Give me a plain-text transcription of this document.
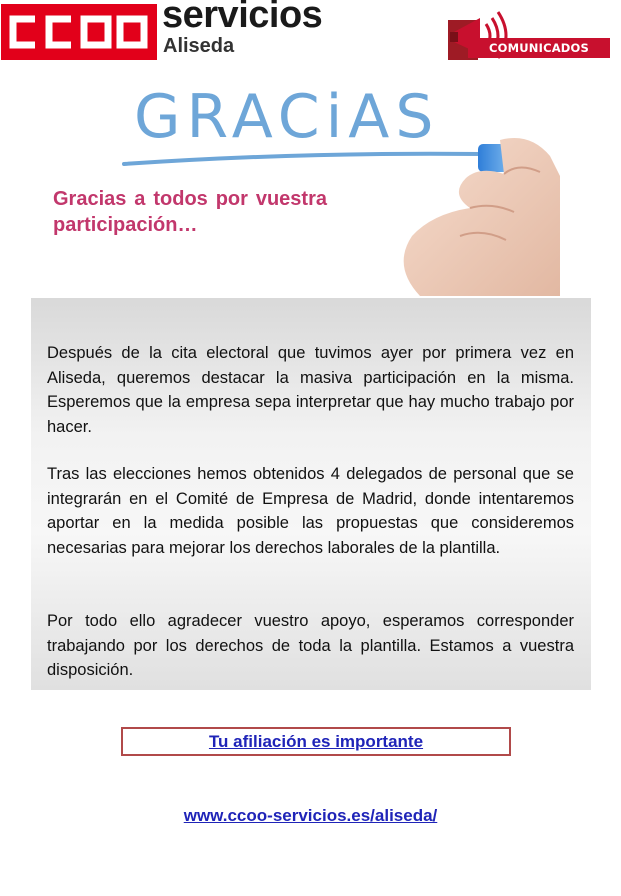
servicios
Aliseda	COMUNICADOS
GRACiAS
Gracias a todos por vuestra participación…

Después de la cita electoral que tuvimos ayer por primera vez en Aliseda, queremos destacar la masiva participación en la misma. Esperemos que la empresa sepa interpretar que hay mucho trabajo por hacer.

Tras las elecciones hemos obtenidos 4 delegados de personal que se integrarán en el Comité de Empresa de Madrid, donde intentaremos aportar en la medida posible las propuestas que consideremos necesarias para mejorar los derechos laborales de la plantilla.

Por todo ello agradecer vuestro apoyo, esperamos corresponder trabajando por los derechos de toda la plantilla. Estamos a vuestra disposición.

Tu afiliación es importante
www.ccoo-servicios.es/aliseda/
